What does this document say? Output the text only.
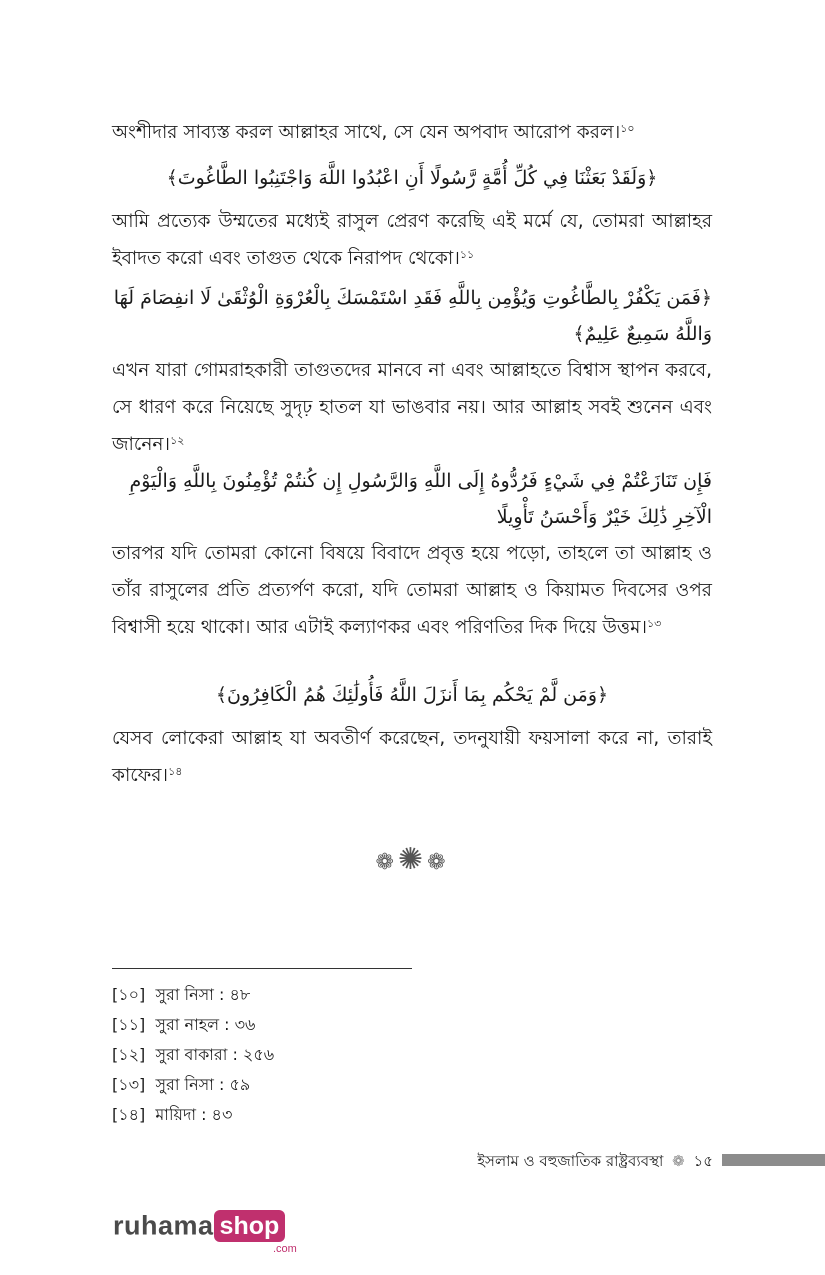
অংশীদার সাব্যস্ত করল আল্লাহর সাথে, সে যেন অপবাদ আরোপ করল।$^{১০}$

﴿وَلَقَدْ بَعَثْنَا فِي كُلِّ أُمَّةٍ رَّسُولًا أَنِ اعْبُدُوا اللَّهَ وَاجْتَنِبُوا الطَّاغُوتَ﴾

আমি প্রত্যেক উম্মতের মধ্যেই রাসুল প্রেরণ করেছি এই মর্মে যে, তোমরা আল্লাহর ইবাদত করো এবং তাগুত থেকে নিরাপদ থেকো।$^{১১}$

﴿فَمَن يَكْفُرْ بِالطَّاغُوتِ وَيُؤْمِن بِاللَّهِ فَقَدِ اسْتَمْسَكَ بِالْعُرْوَةِ الْوُثْقَىٰ لَا انفِصَامَ لَهَا وَاللَّهُ سَمِيعٌ عَلِيمٌ﴾

এখন যারা গোমরাহকারী তাগুতদের মানবে না এবং আল্লাহতে বিশ্বাস স্থাপন করবে, সে ধারণ করে নিয়েছে সুদৃঢ় হাতল যা ভাঙবার নয়। আর আল্লাহ সবই শুনেন এবং জানেন।$^{১২}$

فَإِن تَنَازَعْتُمْ فِي شَيْءٍ فَرُدُّوهُ إِلَى اللَّهِ وَالرَّسُولِ إِن كُنتُمْ تُؤْمِنُونَ بِاللَّهِ وَالْيَوْمِ الْآخِرِ ذَٰلِكَ خَيْرٌ وَأَحْسَنُ تَأْوِيلًا

তারপর যদি তোমরা কোনো বিষয়ে বিবাদে প্রবৃত্ত হয়ে পড়ো, তাহলে তা আল্লাহ ও তাঁর রাসুলের প্রতি প্রত্যর্পণ করো, যদি তোমরা আল্লাহ ও কিয়ামত দিবসের ওপর বিশ্বাসী হয়ে থাকো। আর এটাই কল্যাণকর এবং পরিণতির দিক দিয়ে উত্তম।$^{১৩}$

﴿وَمَن لَّمْ يَحْكُم بِمَا أَنزَلَ اللَّهُ فَأُولَٰئِكَ هُمُ الْكَافِرُونَ﴾

যেসব লোকেরা আল্লাহ যা অবতীর্ণ করেছেন, তদনুযায়ী ফয়সালা করে না, তারাই কাফের।$^{১৪}$

❁✺❁
[১০] সুরা নিসা : ৪৮
[১১] সুরা নাহল : ৩৬
[১২] সুরা বাকারা : ২৫৬
[১৩] সুরা নিসা : ৫৯
[১৪] মায়িদা : ৪৩
ইসলাম ও বহুজাতিক রাষ্ট্রব্যবস্থা ❁ ১৫
ruhama shop
.com
